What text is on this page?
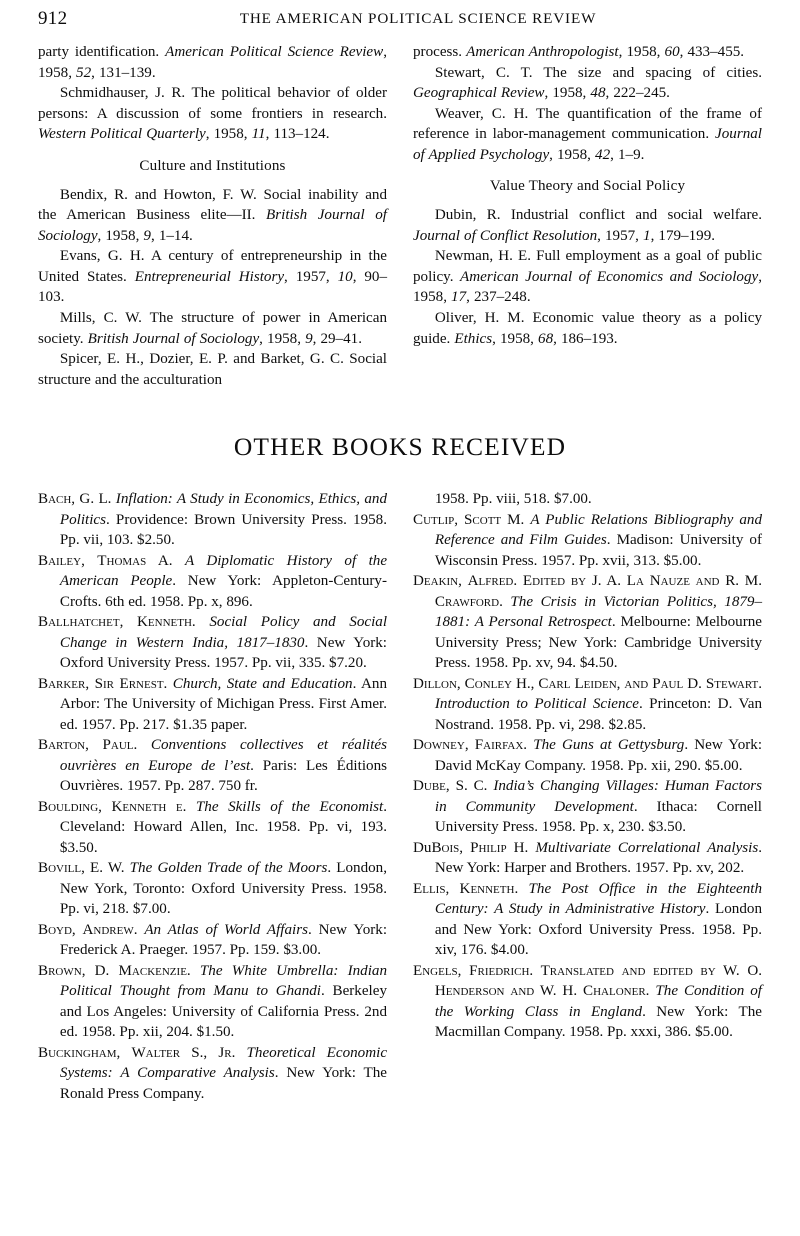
912	THE AMERICAN POLITICAL SCIENCE REVIEW

party identification. American Political Science Review, 1958, 52, 131–139.

Schmidhauser, J. R. The political behavior of older persons: A discussion of some frontiers in research. Western Political Quarterly, 1958, 11, 113–124.

Culture and Institutions

Bendix, R. and Howton, F. W. Social inability and the American Business elite—II. British Journal of Sociology, 1958, 9, 1–14.

Evans, G. H. A century of entrepreneurship in the United States. Entrepreneurial History, 1957, 10, 90–103.

Mills, C. W. The structure of power in American society. British Journal of Sociology, 1958, 9, 29–41.

Spicer, E. H., Dozier, E. P. and Barket, G. C. Social structure and the acculturation

process. American Anthropologist, 1958, 60, 433–455.

Stewart, C. T. The size and spacing of cities. Geographical Review, 1958, 48, 222–245.

Weaver, C. H. The quantification of the frame of reference in labor-management communication. Journal of Applied Psychology, 1958, 42, 1–9.

Value Theory and Social Policy

Dubin, R. Industrial conflict and social welfare. Journal of Conflict Resolution, 1957, 1, 179–199.

Newman, H. E. Full employment as a goal of public policy. American Journal of Economics and Sociology, 1958, 17, 237–248.

Oliver, H. M. Economic value theory as a policy guide. Ethics, 1958, 68, 186–193.

OTHER BOOKS RECEIVED

Bach, G. L. Inflation: A Study in Economics, Ethics, and Politics. Providence: Brown University Press. 1958. Pp. vii, 103. $2.50.

Bailey, Thomas A. A Diplomatic History of the American People. New York: Appleton-Century-Crofts. 6th ed. 1958. Pp. x, 896.

Ballhatchet, Kenneth. Social Policy and Social Change in Western India, 1817–1830. New York: Oxford University Press. 1957. Pp. vii, 335. $7.20.

Barker, Sir Ernest. Church, State and Education. Ann Arbor: The University of Michigan Press. First Amer. ed. 1957. Pp. 217. $1.35 paper.

Barton, Paul. Conventions collectives et réalités ouvrières en Europe de l’est. Paris: Les Éditions Ouvrières. 1957. Pp. 287. 750 fr.

Boulding, Kenneth e. The Skills of the Economist. Cleveland: Howard Allen, Inc. 1958. Pp. vi, 193. $3.50.

Bovill, E. W. The Golden Trade of the Moors. London, New York, Toronto: Oxford University Press. 1958. Pp. vi, 218. $7.00.

Boyd, Andrew. An Atlas of World Affairs. New York: Frederick A. Praeger. 1957. Pp. 159. $3.00.

Brown, D. Mackenzie. The White Umbrella: Indian Political Thought from Manu to Ghandi. Berkeley and Los Angeles: University of California Press. 2nd ed. 1958. Pp. xii, 204. $1.50.

Buckingham, Walter S., Jr. Theoretical Economic Systems: A Comparative Analysis. New York: The Ronald Press Company.

1958. Pp. viii, 518. $7.00.

Cutlip, Scott M. A Public Relations Bibliography and Reference and Film Guides. Madison: University of Wisconsin Press. 1957. Pp. xvii, 313. $5.00.

Deakin, Alfred. Edited by J. A. La Nauze and R. M. Crawford. The Crisis in Victorian Politics, 1879–1881: A Personal Retrospect. Melbourne: Melbourne University Press; New York: Cambridge University Press. 1958. Pp. xv, 94. $4.50.

Dillon, Conley H., Carl Leiden, and Paul D. Stewart. Introduction to Political Science. Princeton: D. Van Nostrand. 1958. Pp. vi, 298. $2.85.

Downey, Fairfax. The Guns at Gettysburg. New York: David McKay Company. 1958. Pp. xii, 290. $5.00.

Dube, S. C. India’s Changing Villages: Human Factors in Community Development. Ithaca: Cornell University Press. 1958. Pp. x, 230. $3.50.

DuBois, Philip H. Multivariate Correlational Analysis. New York: Harper and Brothers. 1957. Pp. xv, 202.

Ellis, Kenneth. The Post Office in the Eighteenth Century: A Study in Administrative History. London and New York: Oxford University Press. 1958. Pp. xiv, 176. $4.00.

Engels, Friedrich. Translated and edited by W. O. Henderson and W. H. Chaloner. The Condition of the Working Class in England. New York: The Macmillan Company. 1958. Pp. xxxi, 386. $5.00.
